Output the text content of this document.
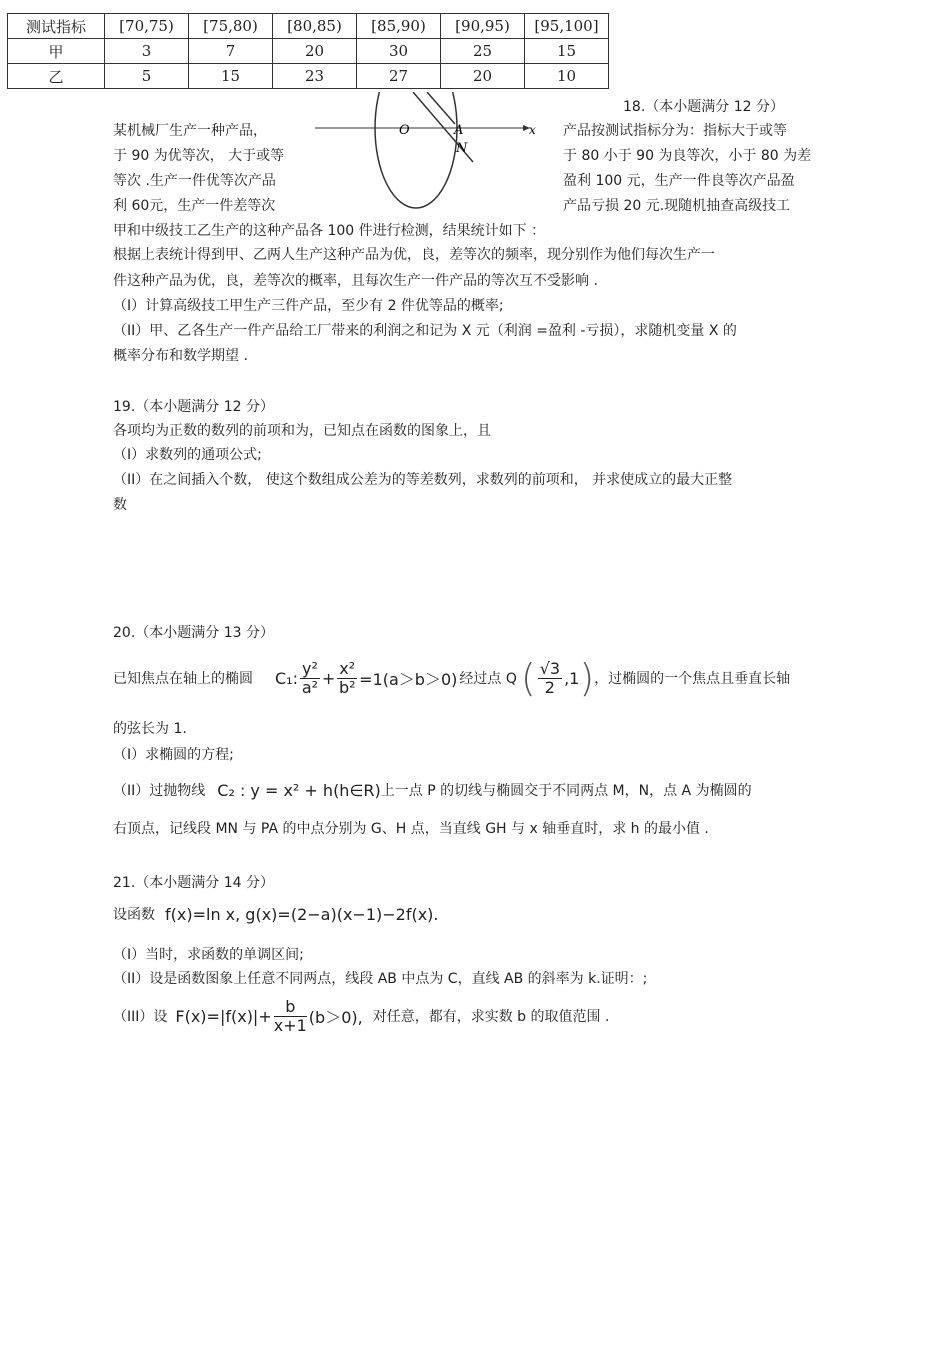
测试指标	[70,75)	[75,80)	[80,85)	[85,90)	[90,95)	[95,100]
甲	3	7	20	30	25	15
乙	5	15	23	27	20	10
O	A
N
x
18.（本小题满分 12 分）
某机械厂生产一种产品，	产品按测试指标分为：指标大于或等
于 90 为优等次， 大于或等	于 80 小于 90 为良等次，小于 80 为差
等次 .生产一件优等次产品	盈利 100 元，生产一件良等次产品盈
利 60元，生产一件差等次	产品亏损 20 元.现随机抽查高级技工
甲和中级技工乙生产的这种产品各 100 件进行检测，结果统计如下 ：
根据上表统计得到甲、乙两人生产这种产品为优，良，差等次的频率，现分别作为他们每次生产一
件这种产品为优，良，差等次的概率，且每次生产一件产品的等次互不受影响 .
（I）计算高级技工甲生产三件产品，至少有 2 件优等品的概率;
（II）甲、乙各生产一件产品给工厂带来的利润之和记为 X 元（利润 =盈利 -亏损），求随机变量 X 的
概率分布和数学期望 .
19.（本小题满分 12 分）
各项均为正数的数列的前项和为，已知点在函数的图象上，且
（I）求数列的通项公式;
（II）在之间插入个数， 使这个数组成公差为的等差数列，求数列的前项和， 并求使成立的最大正整
数
20.（本小题满分 13 分）
已知焦点在轴上的椭圆 C₁: $\frac{\text{y²}}{\text{a²}} + \frac{\text{x²}}{\text{b²}} =1(a>b>0)$ 经过点 Q ( $\frac{√3}{2} ,1$ ) ，过椭圆的一个焦点且垂直长轴
的弦长为 1.
（I）求椭圆的方程;
（II）过抛物线 C₂ : y = x² + h(h∈R) 上一点 P 的切线与椭圆交于不同两点 M，N，点 A 为椭圆的
右顶点，记线段 MN 与 PA 的中点分别为 G、H 点，当直线 GH 与 x 轴垂直时，求 h 的最小值 .
21.（本小题满分 14 分）
设函数 f(x)=ln x, g(x)=(2−a)(x−1)−2f(x).
（I）当时，求函数的单调区间;
（II）设是函数图象上任意不同两点，线段 AB 中点为 C，直线 AB 的斜率为 k.证明：;
（III）设 $F(x)=|f(x)|+ \frac{b}{x+1} (b>0)$, 对任意，都有，求实数 b 的取值范围 .
